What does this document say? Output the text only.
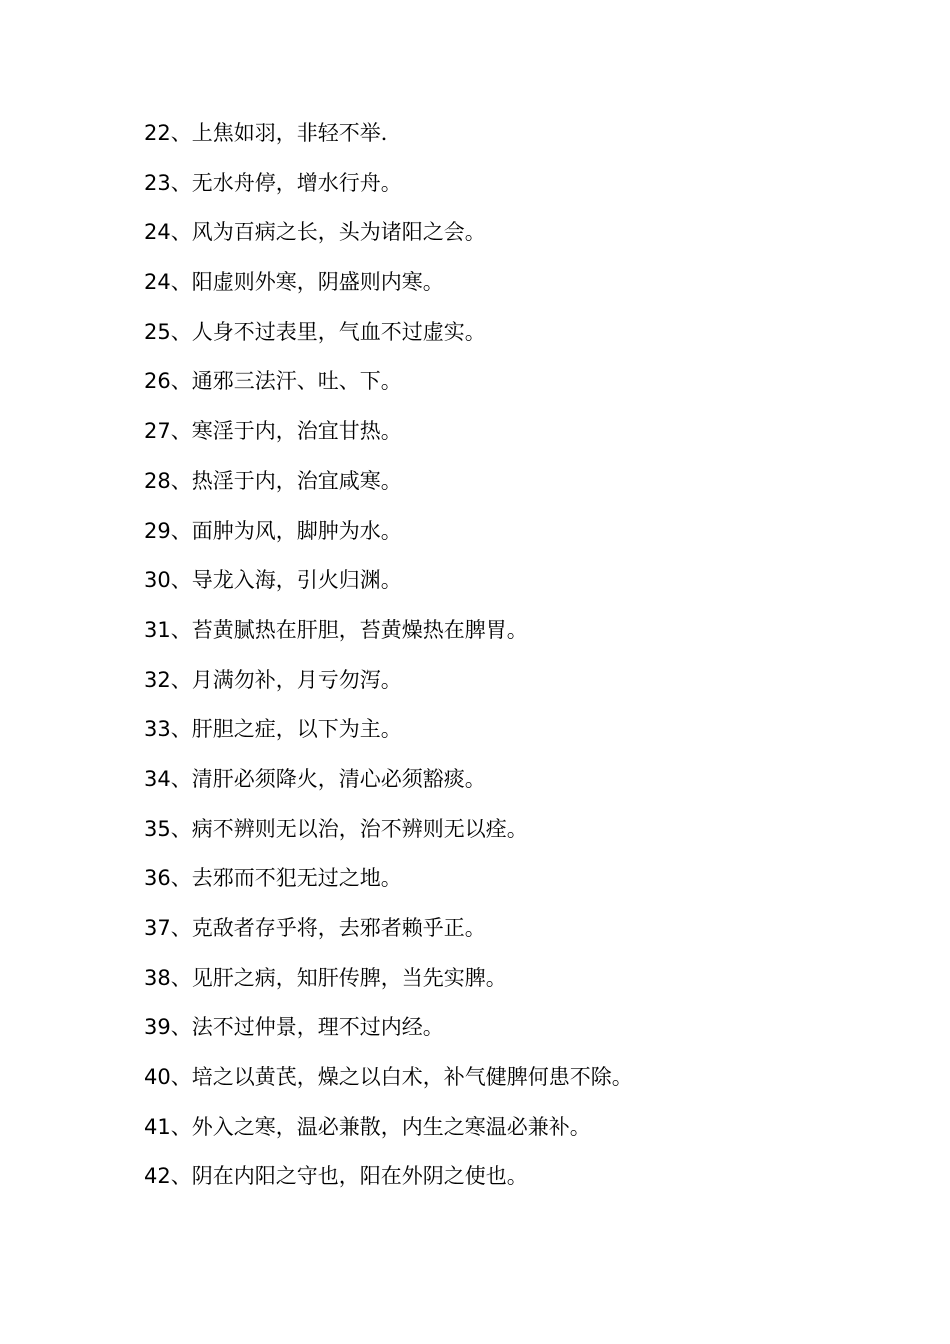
22、上焦如羽，非轻不举．
23、无水舟停，增水行舟。
24、风为百病之长，头为诸阳之会。
24、阳虚则外寒，阴盛则内寒。
25、人身不过表里，气血不过虚实。
26、通邪三法汗、吐、下。
27、寒淫于内，治宜甘热。
28、热淫于内，治宜咸寒。
29、面肿为风，脚肿为水。
30、导龙入海，引火归渊。
31、苔黄腻热在肝胆，苔黄燥热在脾胃。
32、月满勿补，月亏勿泻。
33、肝胆之症，以下为主。
34、清肝必须降火，清心必须豁痰。
35、病不辨则无以治，治不辨则无以痊。
36、去邪而不犯无过之地。
37、克敌者存乎将，去邪者赖乎正。
38、见肝之病，知肝传脾，当先实脾。
39、法不过仲景，理不过内经。
40、培之以黄芪，燥之以白术，补气健脾何患不除。
41、外入之寒，温必兼散，内生之寒温必兼补。
42、阴在内阳之守也，阳在外阴之使也。
